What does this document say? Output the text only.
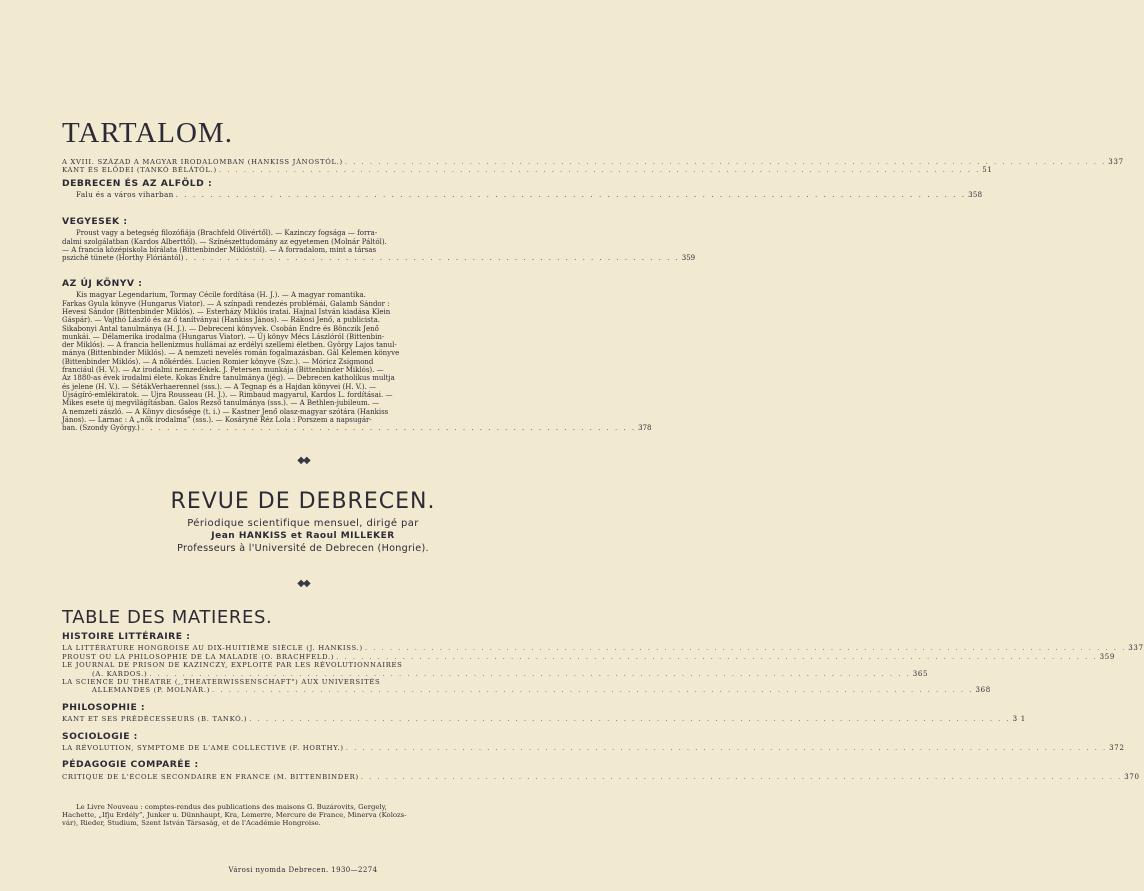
TARTALOM.
A XVIII. SZÁZAD A MAGYAR IRODALOMBAN (HANKISS JÁNOSTÓL.) . . .	337
KANT ÉS ELŐDEI (TANKÓ BÉLÁTÓL.) . . .	51
DEBRECEN ÉS AZ ALFÖLD :
Falu és a város viharban . . .	358
VEGYESEK :
Proust vagy a betegség filozófiája (Brachfeld Olivértől). — Kazinczy fogsága — forra-
dalmi szolgálatban (Kardos Alberttől). — Színészettudomány az egyetemen (Molnár Páltól).
— A francia középiskola bírálata (Bittenbinder Miklóstól). — A forradalom, mint a társas
pszichê tünete (Horthy Flóriántól) . . .	359
AZ ÚJ KÖNYV :
Kis magyar Legendarium, Tormay Cécile fordítása (H. J.). — A magyar romantika.
Farkas Gyula könyve (Hungarus Viator). — A színpadi rendezés problémái, Galamb Sándor :
Hevesi Sándor (Bittenbinder Miklós). — Esterházy Miklós iratai. Hajnal István kiadása Klein
Gáspár). — Vajthó László és az ő tanítványai (Hankiss János). — Rákosi Jenő, a publicista.
Sikabonyi Antal tanulmánya (H. J.). — Debreceni könyvek. Csobán Endre és Bönczik Jenő
munkái. — Délamerika irodalma (Hungarus Viator). — Új könyv Mécs Lászlóról (Bittenbin-
der Miklós). — A francia hellenizmus hullámai az erdélyi szellemi életben. György Lajos tanul-
mánya (Bittenbinder Miklós). — A nemzeti nevelés román fogalmazásban. Gál Kelemen könyve
(Bittenbinder Miklós). — A nőkérdés. Lucien Romier könyve (Szc.). — Móricz Zsigmond
franciául (H. V.). — Az irodalmi nemzedékek. J. Petersen munkája (Bittenbinder Miklós). —
Az 1880-as évek irodalmi élete. Kokas Endre tanulmánya (jég). — Debrecen katholikus multja
és jelene (H. V.). — SétákVerhaerennel (sss.). — A Tegnap és a Hajdan könyvei (H. V.). —
Újságíró-emlékiratok. — Ujra Rousseau (H. J.). — Rimbaud magyarul, Kardos L. fordításai. —
Mikes esete új megvilágításban. Galos Rezső tanulmánya (sss.). — A Bethlen-jubileum. —
A nemzeti zászló. — A Könyv dicsősége (t. i.) — Kastner Jenő olasz-magyar szótára (Hankiss
János). — Larnac : A „nők irodalma” (sss.). — Kosáryné Réz Lola : Porszem a napsugár-
ban. (Szondy György.) . . .	378
◆◆
REVUE DE DEBRECEN.
Périodique scientifique mensuel, dirigé par
Jean HANKISS et Raoul MILLEKER
Professeurs à l'Université de Debrecen (Hongrie).
◆◆
TABLE DES MATIERES.
HISTOIRE LITTÉRAIRE :
LA LITTÉRATURE HONGROISE AU DIX-HUITIÈME SIÈCLE (J. HANKISS.) . . .	337
PROUST OU LA PHILOSOPHIE DE LA MALADIE (O. BRACHFELD.) . . .	359
LE JOURNAL DE PRISON DE KAZINCZY, EXPLOITÉ PAR LES RÉVOLUTIONNAIRES
(A. KARDOS.) . . .	365
LA SCIENCE DU THÉATRE (,,THEATERWISSENSCHAFT") AUX UNIVERSITÉS
ALLEMANDES (P. MOLNÁR.) . . .	368
PHILOSOPHIE :
KANT ET SES PRÉDÉCESSEURS (B. TANKÓ.) . . .	3 1
SOCIOLOGIE :
LA RÉVOLUTION, SYMPTOME DE L'AME COLLECTIVE (F. HORTHY.) . . .	372
PÉDAGOGIE COMPARÉE :
CRITIQUE DE L'ÉCOLE SECONDAIRE EN FRANCE (M. BITTENBINDER) . . .	370
Le Livre Nouveau : comptes-rendus des publications des maisons G. Buzárovits, Gergely,
Hachette, „Ifju Erdély”, Junker u. Dünnhaupt, Kra, Lemerre, Mercure de France, Minerva (Kolozs-
vár), Rieder, Studium, Szent István Társaság, et de l'Académie Hongroise.
Városi nyomda Debrecen. 1930—2274
